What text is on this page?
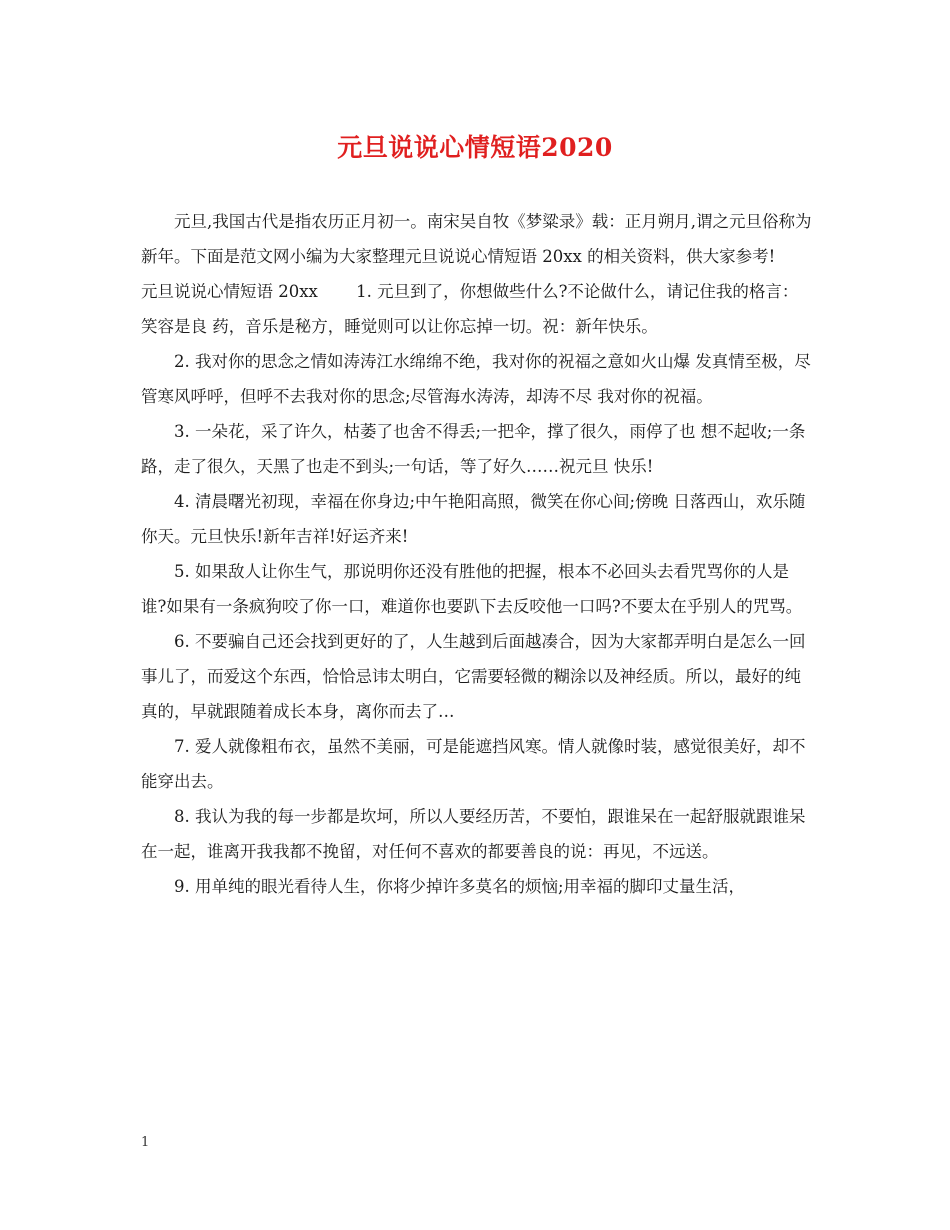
元旦说说心情短语2020

元旦,我国古代是指农历正月初一。南宋吴自牧《梦粱录》载：正月朔月,谓之元旦俗称为新年。下面是范文网小编为大家整理元旦说说心情短语 20xx 的相关资料，供大家参考!

元旦说说心情短语 20xx 　　1. 元旦到了，你想做些什么?不论做什么，请记住我的格言：笑容是良 药，音乐是秘方，睡觉则可以让你忘掉一切。祝：新年快乐。

2. 我对你的思念之情如涛涛江水绵绵不绝，我对你的祝福之意如火山爆 发真情至极，尽管寒风呼呼，但呼不去我对你的思念;尽管海水涛涛，却涛不尽 我对你的祝福。

3. 一朵花，采了许久，枯萎了也舍不得丢;一把伞，撑了很久，雨停了也 想不起收;一条路，走了很久，天黑了也走不到头;一句话，等了好久……祝元旦 快乐!

4. 清晨曙光初现，幸福在你身边;中午艳阳高照，微笑在你心间;傍晚 日落西山，欢乐随你天。元旦快乐!新年吉祥!好运齐来!

5. 如果敌人让你生气，那说明你还没有胜他的把握，根本不必回头去看咒骂你的人是谁?如果有一条疯狗咬了你一口，难道你也要趴下去反咬他一口吗?不要太在乎别人的咒骂。

6. 不要骗自己还会找到更好的了，人生越到后面越凑合，因为大家都弄明白是怎么一回事儿了，而爱这个东西，恰恰忌讳太明白，它需要轻微的糊涂以及神经质。所以，最好的纯真的，早就跟随着成长本身，离你而去了…

7. 爱人就像粗布衣，虽然不美丽，可是能遮挡风寒。情人就像时装，感觉很美好，却不能穿出去。

8. 我认为我的每一步都是坎坷，所以人要经历苦，不要怕，跟谁呆在一起舒服就跟谁呆在一起，谁离开我我都不挽留，对任何不喜欢的都要善良的说：再见，不远送。

9. 用单纯的眼光看待人生，你将少掉许多莫名的烦恼;用幸福的脚印丈量生活，

1
